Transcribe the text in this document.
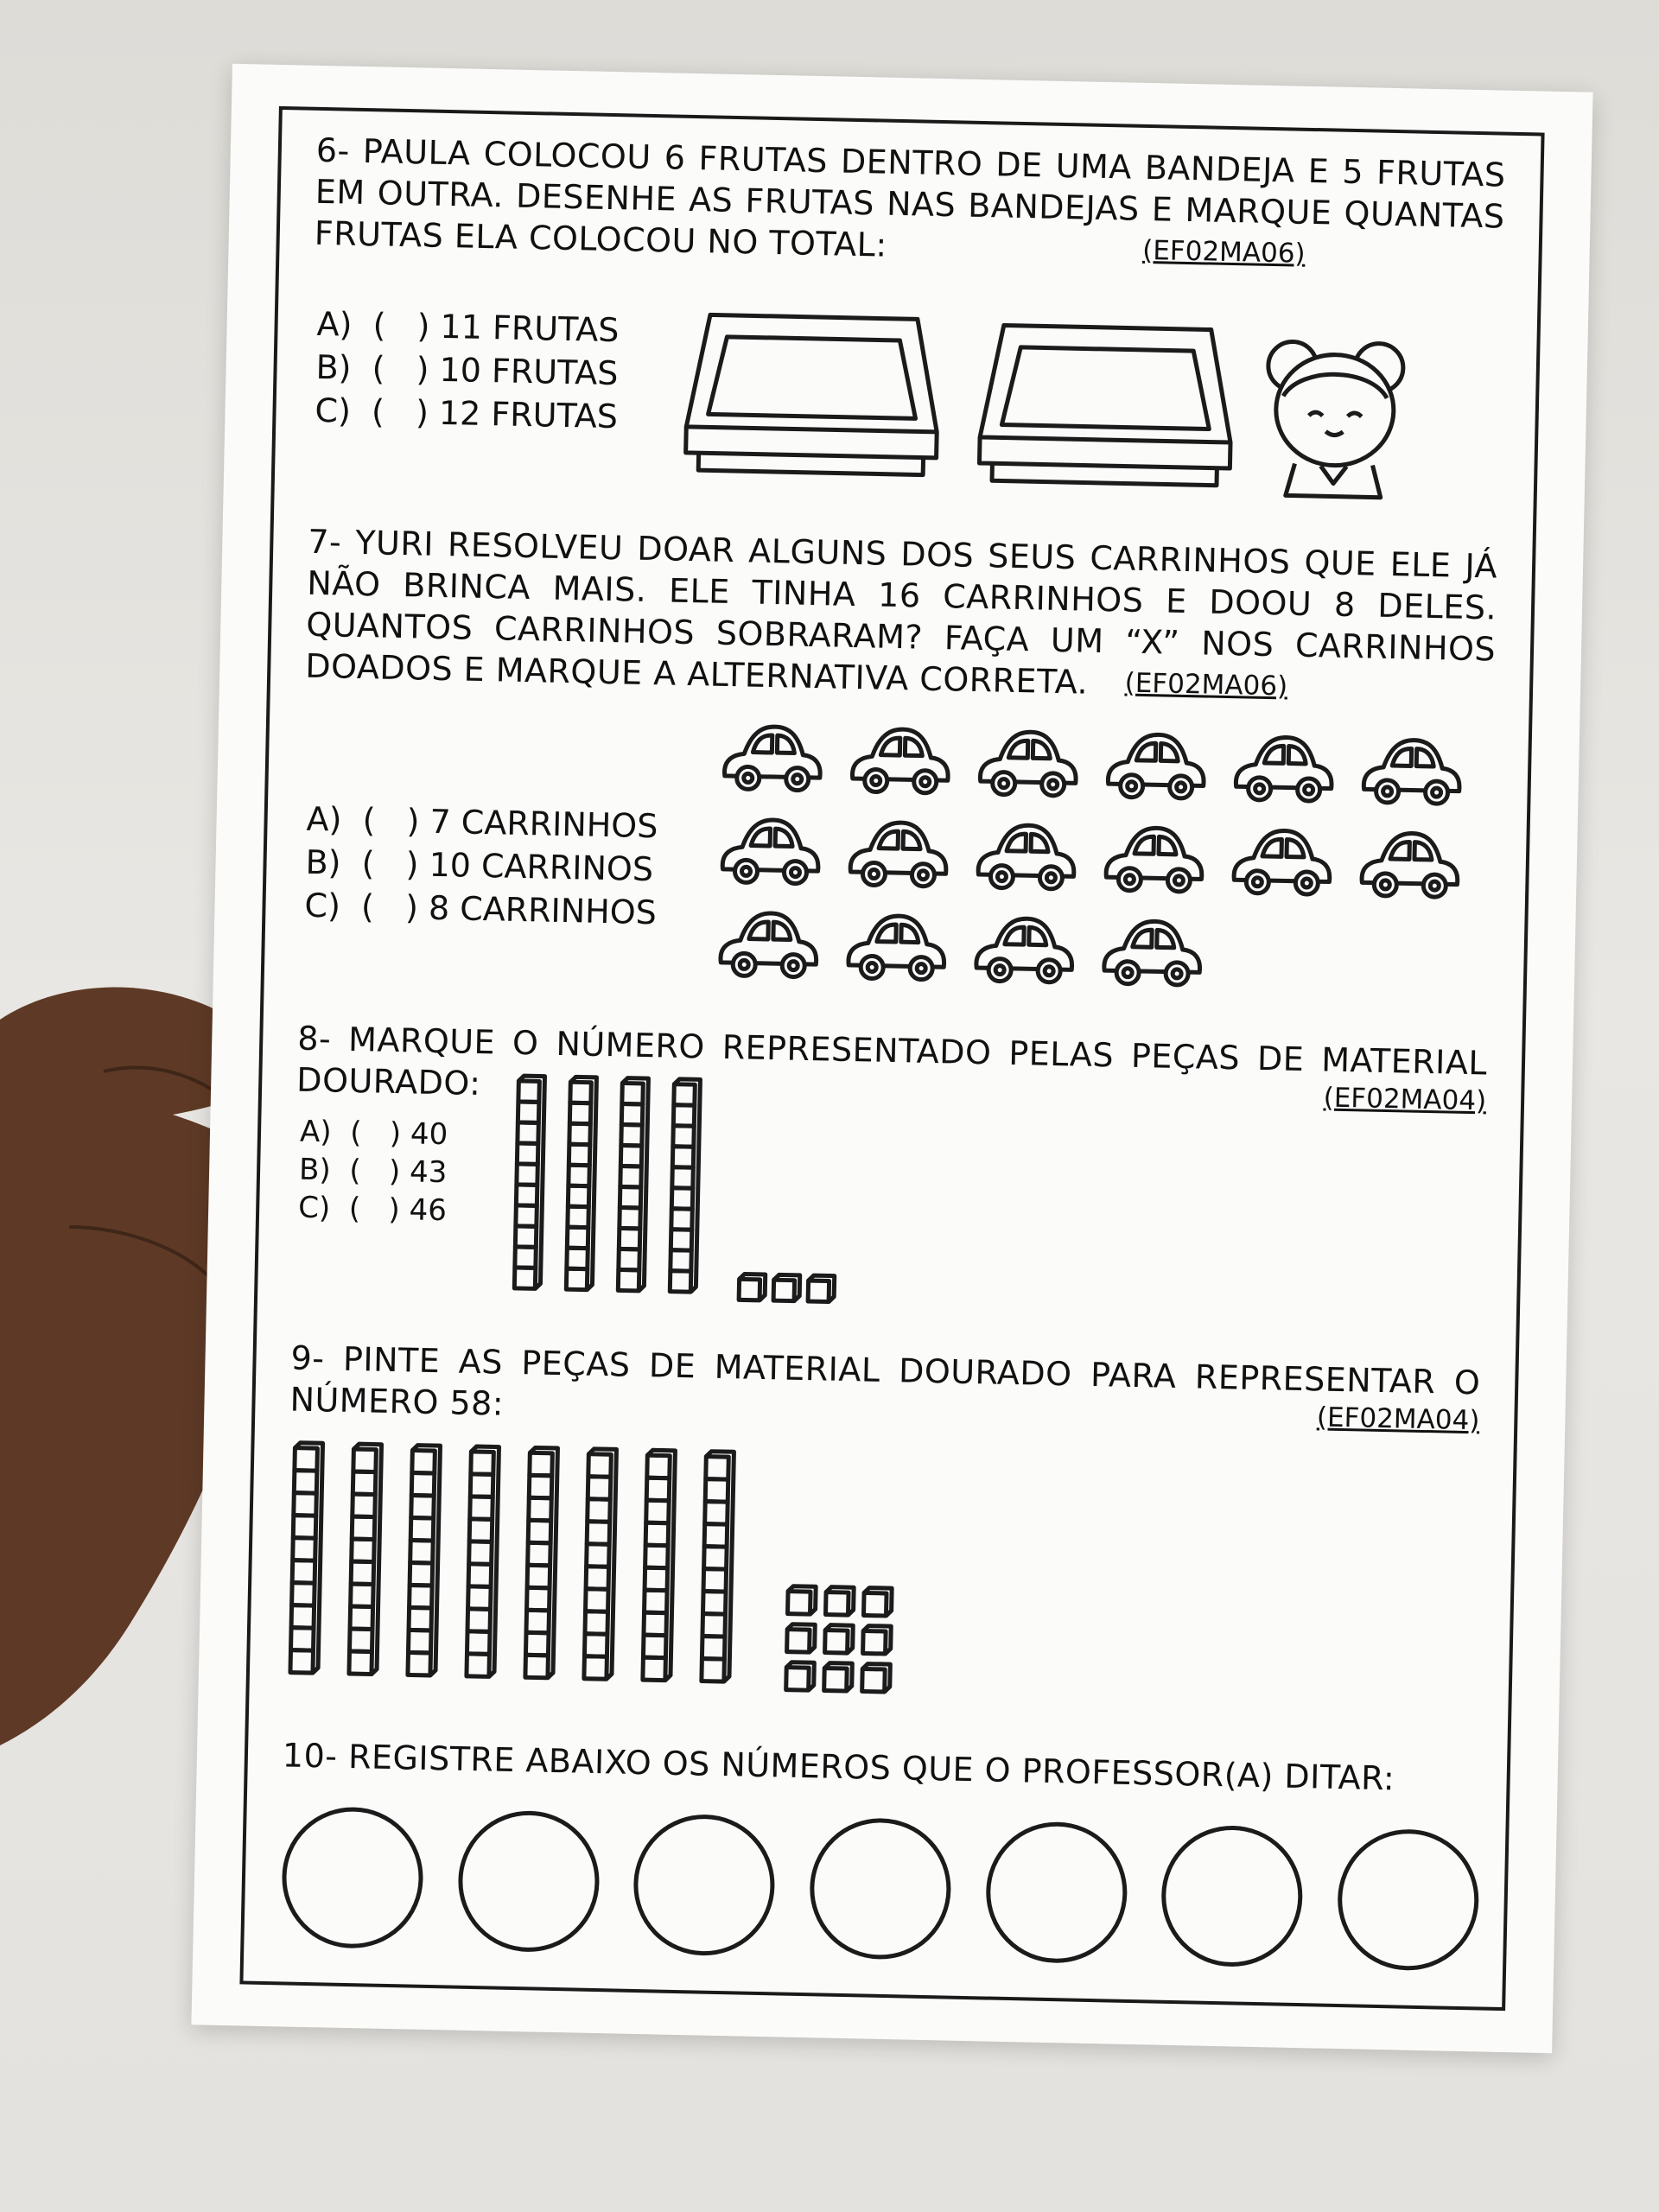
6- PAULA COLOCOU 6 FRUTAS DENTRO DE UMA BANDEJA E 5 FRUTAS EM OUTRA. DESENHE AS FRUTAS NAS BANDEJAS E MARQUE QUANTAS FRUTAS ELA COLOCOU NO TOTAL:	(EF02MA06)
A)  (   ) 11 FRUTAS
B)  (   ) 10 FRUTAS
C)  (   ) 12 FRUTAS

7- YURI RESOLVEU DOAR ALGUNS DOS SEUS CARRINHOS QUE ELE JÁ NÃO BRINCA MAIS. ELE TINHA 16 CARRINHOS E DOOU 8 DELES. QUANTOS CARRINHOS SOBRARAM? FAÇA UM “X” NOS CARRINHOS DOADOS E MARQUE A ALTERNATIVA CORRETA.	(EF02MA06)
A)  (   ) 7 CARRINHOS
B)  (   ) 10 CARRINOS
C)  (   ) 8 CARRINHOS

8- MARQUE O NÚMERO REPRESENTADO PELAS PEÇAS DE MATERIAL DOURADO:	(EF02MA04)
A)  (   ) 40
B)  (   ) 43
C)  (   ) 46

9- PINTE AS PEÇAS DE MATERIAL DOURADO PARA REPRESENTAR O NÚMERO 58:	(EF02MA04)

10- REGISTRE ABAIXO OS NÚMEROS QUE O PROFESSOR(A) DITAR:
